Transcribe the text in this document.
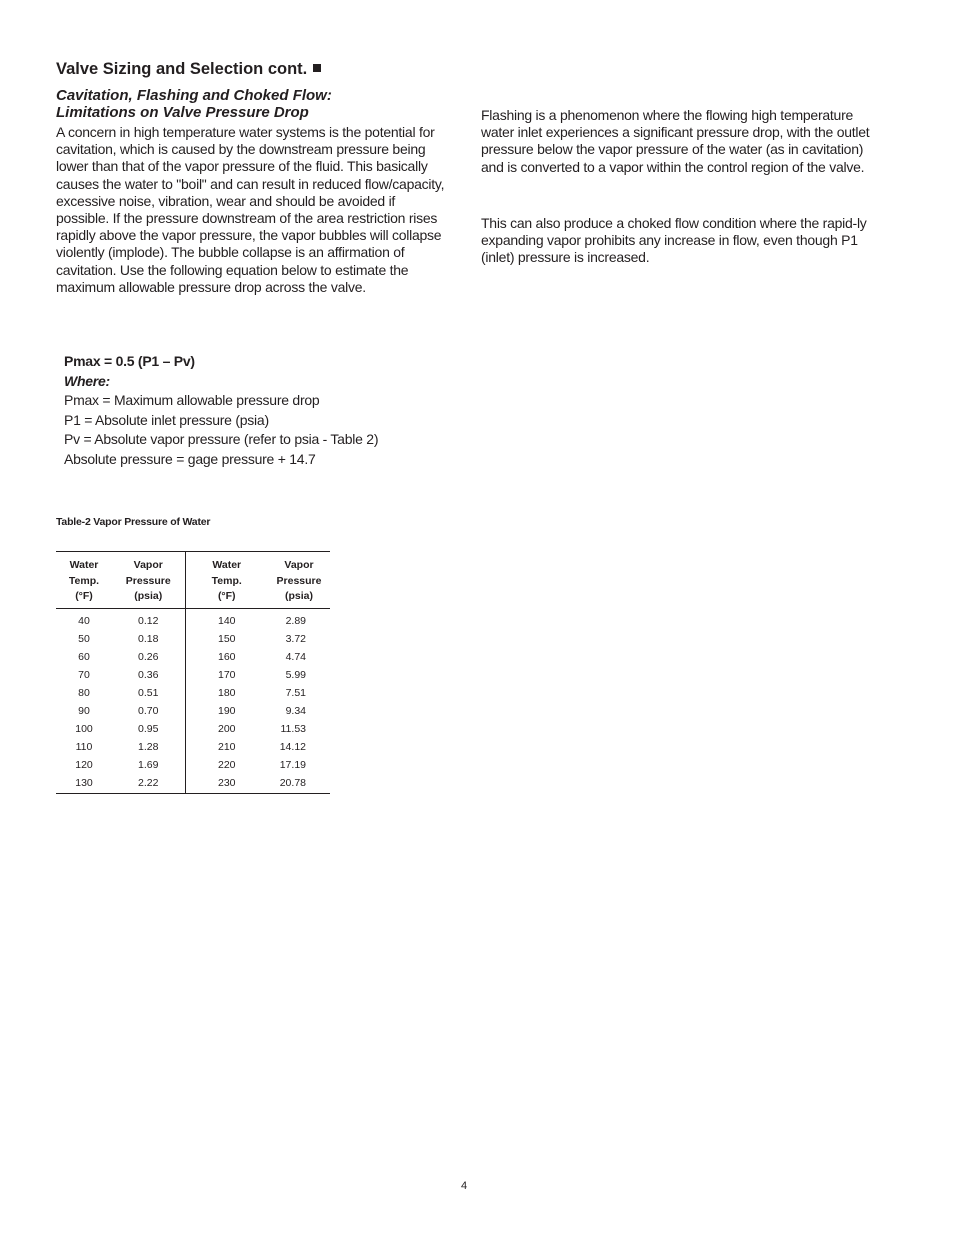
Valve Sizing and Selection cont.
Cavitation, Flashing and Choked Flow:
Limitations on Valve Pressure Drop
A concern in high temperature water systems is the potential for cavitation, which is caused by the downstream pressure being lower than that of the vapor pressure of the fluid. This basically causes the water to "boil" and can result in reduced flow/capacity, excessive noise, vibration, wear and should be avoided if possible. If the pressure downstream of the area restriction rises rapidly above the vapor pressure, the vapor bubbles will collapse violently (implode). The bubble collapse is an affirmation of cavitation. Use the following equation below to estimate the maximum allowable pressure drop across the valve.
Flashing is a phenomenon where the flowing high temperature water inlet experiences a significant pressure drop, with the outlet pressure below the vapor pressure of the water (as in cavitation) and is converted to a vapor within the control region of the valve.
This can also produce a choked flow condition where the rapid-ly expanding vapor prohibits any increase in flow, even though P1 (inlet) pressure is increased.
Pmax = 0.5 (P1 – Pv)
Where:
Pmax = Maximum allowable pressure drop
P1 = Absolute inlet pressure (psia)
Pv = Absolute vapor pressure (refer to psia - Table 2)
Absolute pressure = gage pressure + 14.7
Table-2 Vapor Pressure of Water
Water
Temp.
(°F)	Vapor
Pressure
(psia)	Water
Temp.
(°F)	Vapor
Pressure
(psia)
40	0.12	140	2.89
50	0.18	150	3.72
60	0.26	160	4.74
70	0.36	170	5.99
80	0.51	180	7.51
90	0.70	190	9.34
100	0.95	200	11.53
110	1.28	210	14.12
120	1.69	220	17.19
130	2.22	230	20.78
4
